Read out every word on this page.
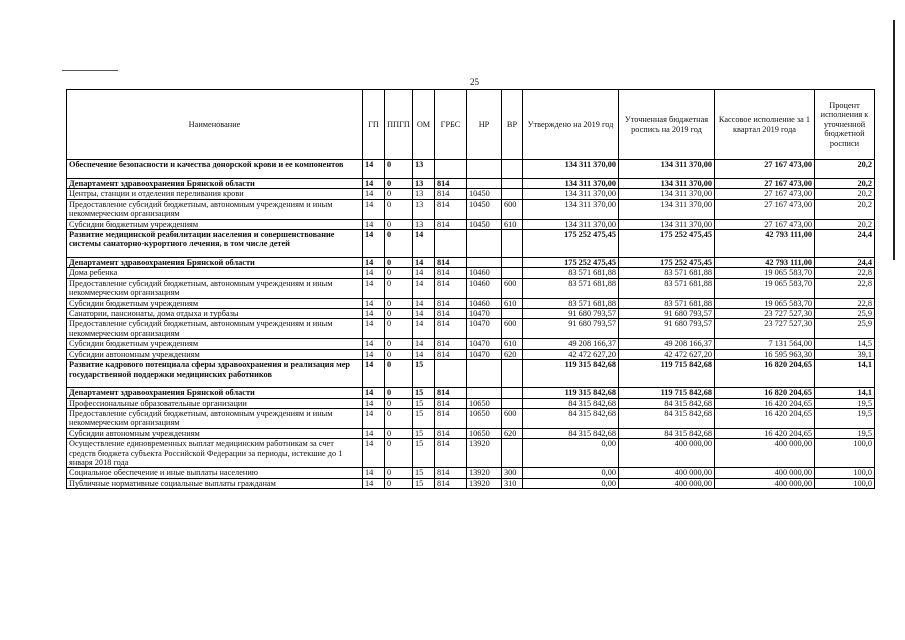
25
Наименование	ГП	ППГП	ОМ	ГРБС	НР	ВР	Утверждено на 2019 год	Уточненная бюджетная роспись на 2019 год	Кассовое исполнение за 1 квартал 2019 года	Процент исполнения к уточненной бюджетной росписи
Обеспечение безопасности и качества донорской крови и ее компонентов	14	0	13				134 311 370,00	134 311 370,00	27 167 473,00	20,2
Департамент здравоохранения Брянской области	14	0	13	814			134 311 370,00	134 311 370,00	27 167 473,00	20,2
Центры, станции и отделения переливания крови	14	0	13	814	10450		134 311 370,00	134 311 370,00	27 167 473,00	20,2
Предоставление субсидий бюджетным, автономным учреждениям и иным некоммерческим организациям	14	0	13	814	10450	600	134 311 370,00	134 311 370,00	27 167 473,00	20,2
Субсидии бюджетным учреждениям	14	0	13	814	10450	610	134 311 370,00	134 311 370,00	27 167 473,00	20,2
Развитие медицинской реабилитации населения и совершенствование системы санаторно-курортного лечения, в том числе детей	14	0	14				175 252 475,45	175 252 475,45	42 793 111,00	24,4
Департамент здравоохранения Брянской области	14	0	14	814			175 252 475,45	175 252 475,45	42 793 111,00	24,4
Дома ребенка	14	0	14	814	10460		83 571 681,88	83 571 681,88	19 065 583,70	22,8
Предоставление субсидий бюджетным, автономным учреждениям и иным некоммерческим организациям	14	0	14	814	10460	600	83 571 681,88	83 571 681,88	19 065 583,70	22,8
Субсидии бюджетным учреждениям	14	0	14	814	10460	610	83 571 681,88	83 571 681,88	19 065 583,70	22,8
Санатории, пансионаты, дома отдыха и турбазы	14	0	14	814	10470		91 680 793,57	91 680 793,57	23 727 527,30	25,9
Предоставление субсидий бюджетным, автономным учреждениям и иным некоммерческим организациям	14	0	14	814	10470	600	91 680 793,57	91 680 793,57	23 727 527,30	25,9
Субсидии бюджетным учреждениям	14	0	14	814	10470	610	49 208 166,37	49 208 166,37	7 131 564,00	14,5
Субсидии автономным учреждениям	14	0	14	814	10470	620	42 472 627,20	42 472 627,20	16 595 963,30	39,1
Развитие кадрового потенциала сферы здравоохранения и реализация мер государственной поддержки медицинских работников	14	0	15				119 315 842,68	119 715 842,68	16 820 204,65	14,1
Департамент здравоохранения Брянской области	14	0	15	814			119 315 842,68	119 715 842,68	16 820 204,65	14,1
Профессиональные образовательные организации	14	0	15	814	10650		84 315 842,68	84 315 842,68	16 420 204,65	19,5
Предоставление субсидий бюджетным, автономным учреждениям и иным некоммерческим организациям	14	0	15	814	10650	600	84 315 842,68	84 315 842,68	16 420 204,65	19,5
Субсидии автономным учреждениям	14	0	15	814	10650	620	84 315 842,68	84 315 842,68	16 420 204,65	19,5
Осуществление единовременных выплат медицинским работникам за счет средств бюджета субъекта Российской Федерации за периоды, истекшие до 1 января 2018 года	14	0	15	814	13920		0,00	400 000,00	400 000,00	100,0
Социальное обеспечение и иные выплаты населению	14	0	15	814	13920	300	0,00	400 000,00	400 000,00	100,0
Публичные нормативные социальные выплаты гражданам	14	0	15	814	13920	310	0,00	400 000,00	400 000,00	100,0
